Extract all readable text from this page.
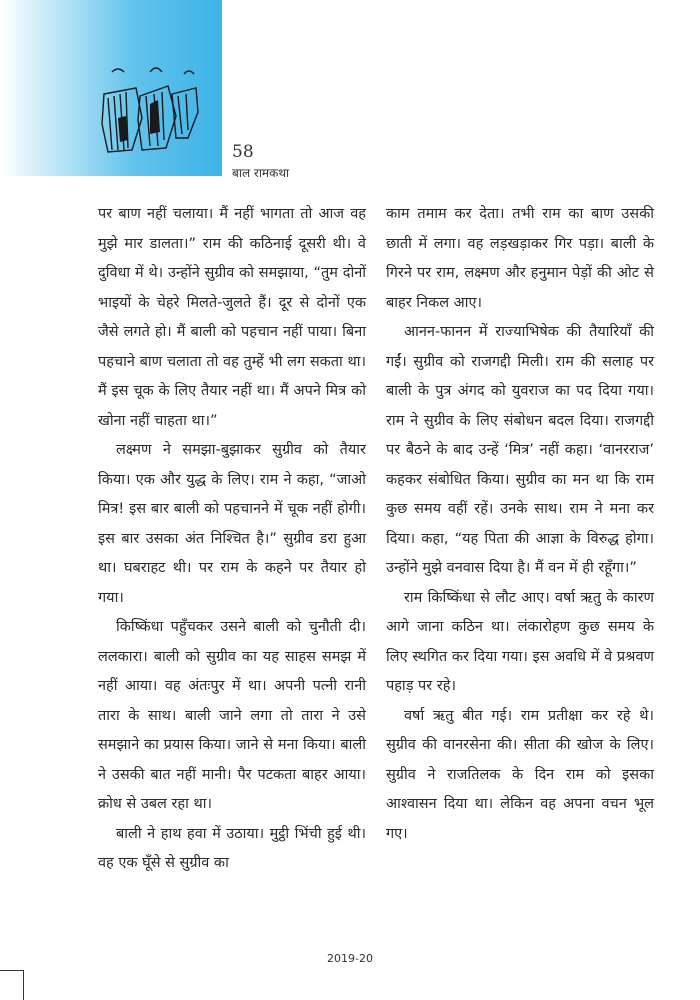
58
बाल रामकथा

पर बाण नहीं चलाया। मैं नहीं भागता तो आज वह मुझे मार डालता।” राम की कठिनाई दूसरी थी। वे दुविधा में थे। उन्होंने सुग्रीव को समझाया, “तुम दोनों भाइयों के चेहरे मिलते-जुलते हैं। दूर से दोनों एक जैसे लगते हो। मैं बाली को पहचान नहीं पाया। बिना पहचाने बाण चलाता तो वह तुम्हें भी लग सकता था। मैं इस चूक के लिए तैयार नहीं था। मैं अपने मित्र को खोना नहीं चाहता था।”

लक्ष्मण ने समझा-बुझाकर सुग्रीव को तैयार किया। एक और युद्ध के लिए। राम ने कहा, “जाओ मित्र! इस बार बाली को पहचानने में चूक नहीं होगी। इस बार उसका अंत निश्चित है।” सुग्रीव डरा हुआ था। घबराहट थी। पर राम के कहने पर तैयार हो गया।

किष्किंधा पहुँचकर उसने बाली को चुनौती दी। ललकारा। बाली को सुग्रीव का यह साहस समझ में नहीं आया। वह अंतःपुर में था। अपनी पत्नी रानी तारा के साथ। बाली जाने लगा तो तारा ने उसे समझाने का प्रयास किया। जाने से मना किया। बाली ने उसकी बात नहीं मानी। पैर पटकता बाहर आया। क्रोध से उबल रहा था।

बाली ने हाथ हवा में उठाया। मुट्ठी भिंची हुई थी। वह एक घूँसे से सुग्रीव का

काम तमाम कर देता। तभी राम का बाण उसकी छाती में लगा। वह लड़खड़ाकर गिर पड़ा। बाली के गिरने पर राम, लक्ष्मण और हनुमान पेड़ों की ओट से बाहर निकल आए।

आनन-फानन में राज्याभिषेक की तैयारियाँ की गईं। सुग्रीव को राजगद्दी मिली। राम की सलाह पर बाली के पुत्र अंगद को युवराज का पद दिया गया। राम ने सुग्रीव के लिए संबोधन बदल दिया। राजगद्दी पर बैठने के बाद उन्हें ‘मित्र’ नहीं कहा। ‘वानरराज’ कहकर संबोधित किया। सुग्रीव का मन था कि राम कुछ समय वहीं रहें। उनके साथ। राम ने मना कर दिया। कहा, “यह पिता की आज्ञा के विरुद्ध होगा। उन्होंने मुझे वनवास दिया है। मैं वन में ही रहूँगा।”

राम किष्किंधा से लौट आए। वर्षा ऋतु के कारण आगे जाना कठिन था। लंकारोहण कुछ समय के लिए स्थगित कर दिया गया। इस अवधि में वे प्रश्रवण पहाड़ पर रहे।

वर्षा ऋतु बीत गई। राम प्रतीक्षा कर रहे थे। सुग्रीव की वानरसेना की। सीता की खोज के लिए। सुग्रीव ने राजतिलक के दिन राम को इसका आश्वासन दिया था। लेकिन वह अपना वचन भूल गए।

2019-20
